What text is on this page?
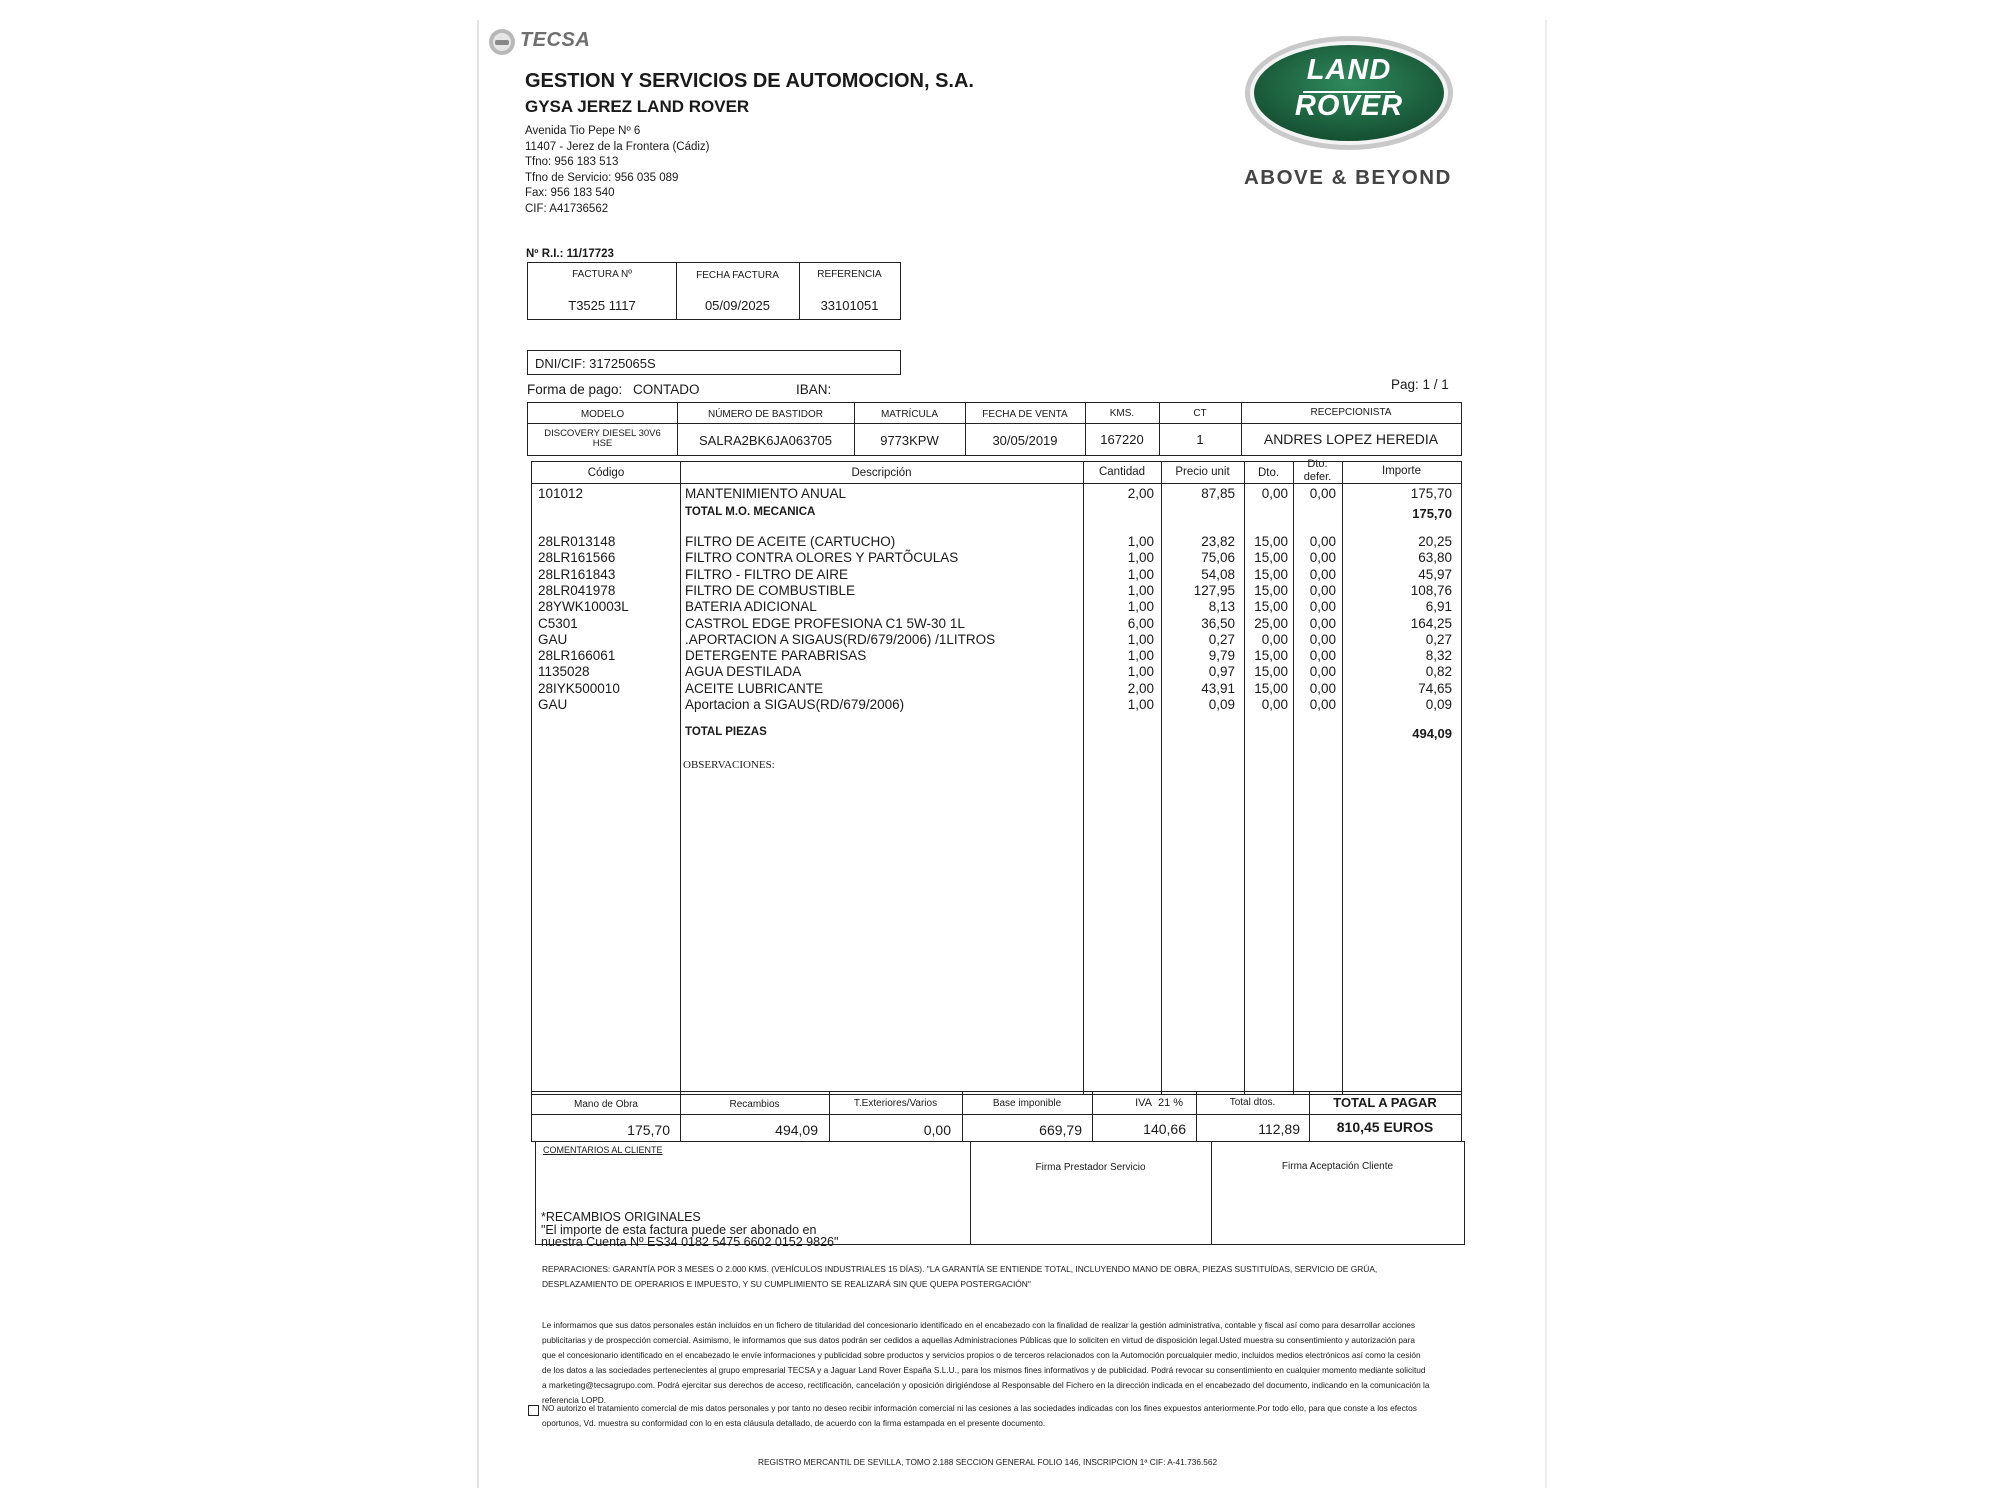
TECSA
GESTION Y SERVICIOS DE AUTOMOCION, S.A.
GYSA JEREZ LAND ROVER
Avenida Tio Pepe Nº 6
11407 - Jerez de la Frontera (Cádiz)
Tfno: 956 183 513
Tfno de Servicio: 956 035 089
Fax: 956 183 540
CIF: A41736562
LAND
ROVER
ABOVE & BEYOND
Nº R.I.: 11/17723
FACTURA Nº	FECHA FACTURA	REFERENCIA
T3525 1117	05/09/2025	33101051
DNI/CIF: 31725065S
Forma de pago: CONTADO	IBAN:	Pag: 1 / 1
MODELO	NÚMERO DE BASTIDOR	MATRÍCULA	FECHA DE VENTA	KMS.	CT	RECEPCIONISTA
DISCOVERY DIESEL 30V6
HSE	SALRA2BK6JA063705	9773KPW	30/05/2019	167220	1	ANDRES LOPEZ HEREDIA
Código	Descripción	Cantidad	Precio unit	Dto.
Dto.
defer.	Importe
101012	MANTENIMIENTO ANUAL	2,00	87,85 0,00 0,00	175,70
TOTAL M.O. MECANICA	175,70
28LR013148	FILTRO DE ACEITE (CARTUCHO)	1,00	23,82 15,00 0,00	20,25
28LR161566	FILTRO CONTRA OLORES Y PARTÕCULAS	1,00	75,06 15,00 0,00	63,80
28LR161843	FILTRO - FILTRO DE AIRE	1,00	54,08 15,00 0,00	45,97
28LR041978	FILTRO DE COMBUSTIBLE	1,00	127,95 15,00 0,00	108,76
28YWK10003L	BATERIA ADICIONAL	1,00	8,13 15,00 0,00	6,91
C5301	CASTROL EDGE PROFESIONA C1 5W-30 1L	6,00	36,50 25,00 0,00	164,25
GAU	.APORTACION A SIGAUS(RD/679/2006) /1LITROS	1,00	0,27 0,00 0,00	0,27
28LR166061	DETERGENTE PARABRISAS	1,00	9,79 15,00 0,00	8,32
1135028	AGUA DESTILADA	1,00	0,97 15,00 0,00	0,82
28IYK500010	ACEITE LUBRICANTE	2,00	43,91 15,00 0,00	74,65
GAU	Aportacion a SIGAUS(RD/679/2006)	1,00	0,09 0,00 0,00	0,09
TOTAL PIEZAS	494,09
OBSERVACIONES:
Mano de Obra	Recambios	T.Exteriores/Varios	Base imponible	IVA 21 %	Total dtos.	TOTAL A PAGAR
175,70	494,09	0,00	669,79	140,66	112,89	810,45 EUROS
COMENTARIOS AL CLIENTE
*RECAMBIOS ORIGINALES
"El importe de esta factura puede ser abonado en
nuestra Cuenta Nº ES34 0182 5475 6602 0152 9826"
Firma Prestador Servicio	Firma Aceptación Cliente
REPARACIONES: GARANTÍA POR 3 MESES O 2.000 KMS. (VEHÍCULOS INDUSTRIALES 15 DÍAS). "LA GARANTÍA SE ENTIENDE TOTAL, INCLUYENDO MANO DE OBRA, PIEZAS SUSTITUÍDAS, SERVICIO DE GRÚA,
DESPLAZAMIENTO DE OPERARIOS E IMPUESTO, Y SU CUMPLIMIENTO SE REALIZARÁ SIN QUE QUEPA POSTERGACIÓN"
Le informamos que sus datos personales están incluidos en un fichero de titularidad del concesionario identificado en el encabezado con la finalidad de realizar la gestión administrativa, contable y fiscal así como para desarrollar acciones
publicitarias y de prospección comercial. Asimismo, le informamos que sus datos podrán ser cedidos a aquellas Administraciones Públicas que lo soliciten en virtud de disposición legal.Usted muestra su consentimiento y autorización para
que el concesionario identificado en el encabezado le envíe informaciones y publicidad sobre productos y servicios propios o de terceros relacionados con la Automoción porcualquier medio, incluidos medios electrónicos así como la cesión
de los datos a las sociedades pertenecientes al grupo empresarial TECSA y a Jaguar Land Rover España S.L.U., para los mismos fines informativos y de publicidad. Podrá revocar su consentimiento en cualquier momento mediante solicitud
a marketing@tecsagrupo.com. Podrá ejercitar sus derechos de acceso, rectificación, cancelación y oposición dirigiéndose al Responsable del Fichero en la dirección indicada en el encabezado del documento, indicando en la comunicación la
referencia LOPD.
NO autorizo el tratamiento comercial de mis datos personales y por tanto no deseo recibir información comercial ni las cesiones a las sociedades indicadas con los fines expuestos anteriormente.Por todo ello, para que conste a los efectos
oportunos, Vd. muestra su conformidad con lo en esta cláusula detallado, de acuerdo con la firma estampada en el presente documento.
REGISTRO MERCANTIL DE SEVILLA, TOMO 2.188 SECCION GENERAL FOLIO 146, INSCRIPCION 1ª CIF: A-41.736.562
